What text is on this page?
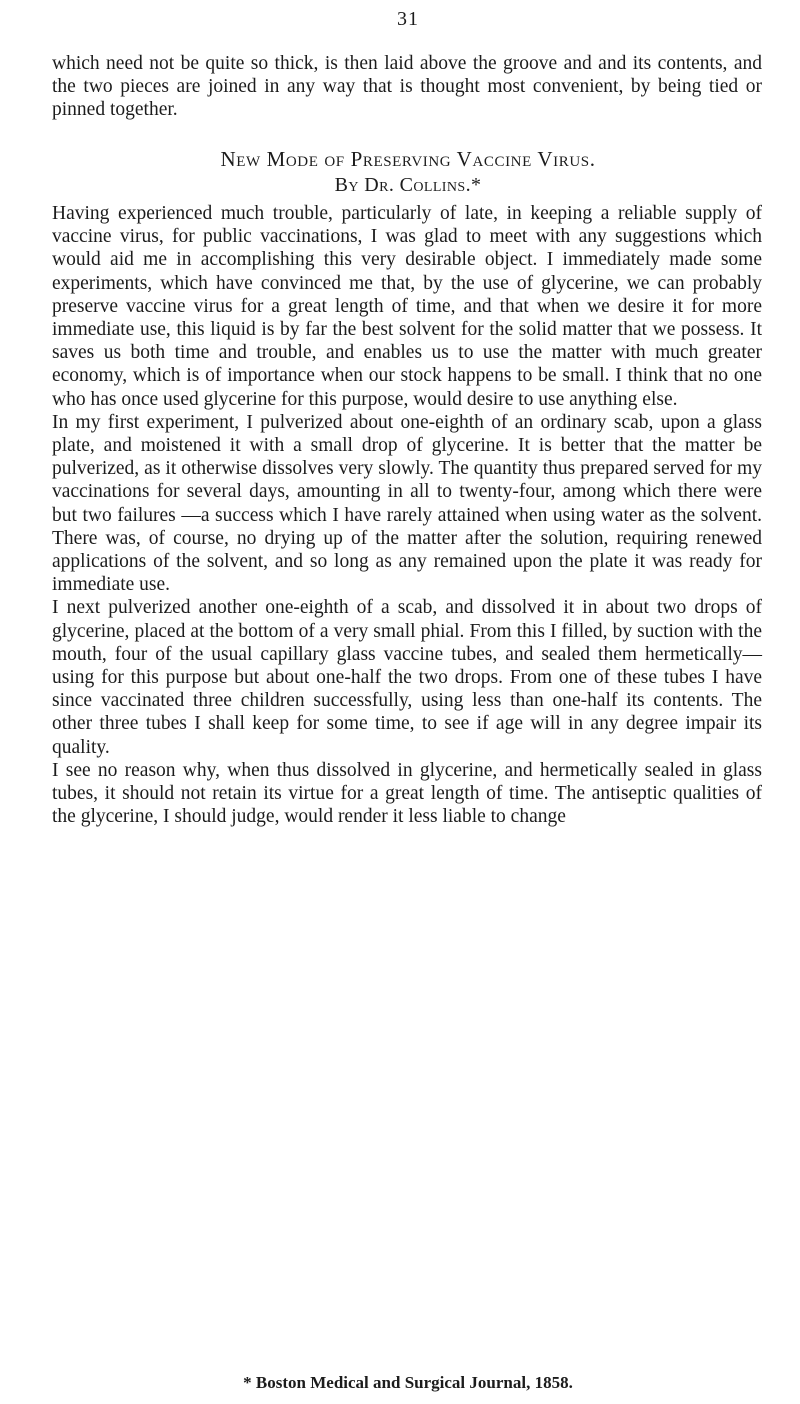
31

which need not be quite so thick, is then laid above the groove and and its contents, and the two pieces are joined in any way that is thought most convenient, by being tied or pinned together.

New Mode of Preserving Vaccine Virus.
By Dr. Collins.*

Having experienced much trouble, particularly of late, in keeping a reliable supply of vaccine virus, for public vaccinations, I was glad to meet with any suggestions which would aid me in accomplishing this very desirable object. I immediately made some experiments, which have convinced me that, by the use of glycerine, we can probably preserve vaccine virus for a great length of time, and that when we desire it for more immediate use, this liquid is by far the best solvent for the solid matter that we possess. It saves us both time and trouble, and enables us to use the matter with much greater economy, which is of importance when our stock happens to be small. I think that no one who has once used glycerine for this purpose, would desire to use anything else.

In my first experiment, I pulverized about one-eighth of an ordinary scab, upon a glass plate, and moistened it with a small drop of glycerine. It is better that the matter be pulverized, as it otherwise dissolves very slowly. The quantity thus prepared served for my vaccinations for several days, amounting in all to twenty-four, among which there were but two failures —a success which I have rarely attained when using water as the solvent. There was, of course, no drying up of the matter after the solution, requiring renewed applications of the solvent, and so long as any remained upon the plate it was ready for immediate use.

I next pulverized another one-eighth of a scab, and dissolved it in about two drops of glycerine, placed at the bottom of a very small phial. From this I filled, by suction with the mouth, four of the usual capillary glass vaccine tubes, and sealed them hermetically—using for this purpose but about one-half the two drops. From one of these tubes I have since vaccinated three children successfully, using less than one-half its contents. The other three tubes I shall keep for some time, to see if age will in any degree impair its quality.

I see no reason why, when thus dissolved in glycerine, and hermetically sealed in glass tubes, it should not retain its virtue for a great length of time. The antiseptic qualities of the glycerine, I should judge, would render it less liable to change

* Boston Medical and Surgical Journal, 1858.
